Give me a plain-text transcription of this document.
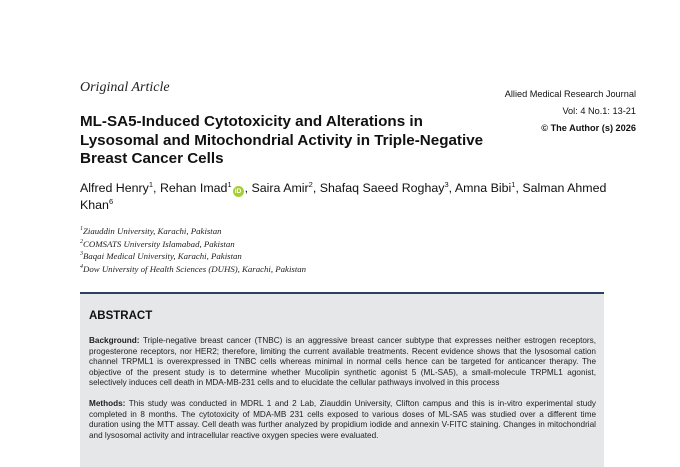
Original Article	Allied Medical Research Journal
Vol: 4 No.1: 13-21
© The Author (s) 2026
ML-SA5-Induced Cytotoxicity and Alterations in Lysosomal and Mitochondrial Activity in Triple-Negative Breast Cancer Cells
Alfred Henry$^1$, Rehan Imad$^1$iD , Saira Amir$^2$, Shafaq Saeed Roghay$^3$, Amna Bibi$^1$, Salman Ahmed Khan$^6$
$^1$Ziauddin University, Karachi, Pakistan
$^2$COMSATS University Islamabad, Pakistan
$^3$Baqai Medical University, Karachi, Pakistan
$^4$Dow University of Health Sciences (DUHS), Karachi, Pakistan
ABSTRACT

Background: Triple-negative breast cancer (TNBC) is an aggressive breast cancer subtype that expresses neither estrogen receptors, progesterone receptors, nor HER2; therefore, limiting the current available treatments. Recent evidence shows that the lysosomal cation channel TRPML1 is overexpressed in TNBC cells whereas minimal in normal cells hence can be targeted for anticancer therapy. The objective of the present study is to determine whether Mucolipin synthetic agonist 5 (ML-SA5), a small-molecule TRPML1 agonist, selectively induces cell death in MDA-MB-231 cells and to elucidate the cellular pathways involved in this process

Methods: This study was conducted in MDRL 1 and 2 Lab, Ziauddin University, Clifton campus and this is in-vitro experimental study completed in 8 months. The cytotoxicity of MDA-MB 231 cells exposed to various doses of ML-SA5 was studied over a different time duration using the MTT assay. Cell death was further analyzed by propidium iodide and annexin V-FITC staining. Changes in mitochondrial and lysosomal activity and intracellular reactive oxygen species were evaluated.
